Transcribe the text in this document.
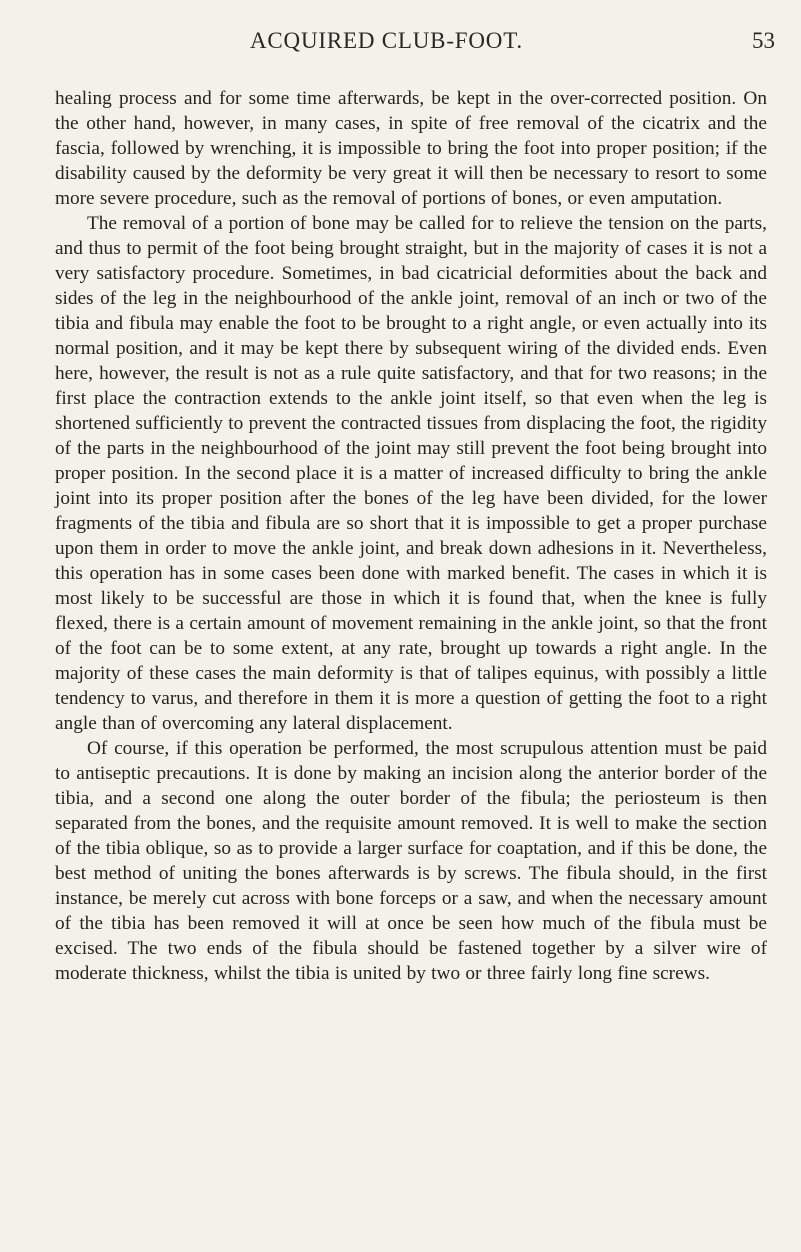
ACQUIRED CLUB-FOOT.	53

healing process and for some time afterwards, be kept in the over-corrected position. On the other hand, however, in many cases, in spite of free removal of the cicatrix and the fascia, followed by wrenching, it is impossible to bring the foot into proper position; if the disability caused by the deformity be very great it will then be necessary to resort to some more severe procedure, such as the removal of portions of bones, or even amputation.

The removal of a portion of bone may be called for to relieve the tension on the parts, and thus to permit of the foot being brought straight, but in the majority of cases it is not a very satisfactory procedure. Sometimes, in bad cicatricial deformities about the back and sides of the leg in the neighbourhood of the ankle joint, removal of an inch or two of the tibia and fibula may enable the foot to be brought to a right angle, or even actually into its normal position, and it may be kept there by subsequent wiring of the divided ends. Even here, however, the result is not as a rule quite satisfactory, and that for two reasons; in the first place the contraction extends to the ankle joint itself, so that even when the leg is shortened sufficiently to prevent the contracted tissues from displacing the foot, the rigidity of the parts in the neighbourhood of the joint may still prevent the foot being brought into proper position. In the second place it is a matter of increased difficulty to bring the ankle joint into its proper position after the bones of the leg have been divided, for the lower fragments of the tibia and fibula are so short that it is impossible to get a proper purchase upon them in order to move the ankle joint, and break down adhesions in it. Nevertheless, this operation has in some cases been done with marked benefit. The cases in which it is most likely to be successful are those in which it is found that, when the knee is fully flexed, there is a certain amount of movement remaining in the ankle joint, so that the front of the foot can be to some extent, at any rate, brought up towards a right angle. In the majority of these cases the main deformity is that of talipes equinus, with possibly a little tendency to varus, and therefore in them it is more a question of getting the foot to a right angle than of overcoming any lateral displacement.

Of course, if this operation be performed, the most scrupulous attention must be paid to antiseptic precautions. It is done by making an incision along the anterior border of the tibia, and a second one along the outer border of the fibula; the periosteum is then separated from the bones, and the requisite amount removed. It is well to make the section of the tibia oblique, so as to provide a larger surface for coaptation, and if this be done, the best method of uniting the bones afterwards is by screws. The fibula should, in the first instance, be merely cut across with bone forceps or a saw, and when the necessary amount of the tibia has been removed it will at once be seen how much of the fibula must be excised. The two ends of the fibula should be fastened together by a silver wire of moderate thickness, whilst the tibia is united by two or three fairly long fine screws.
